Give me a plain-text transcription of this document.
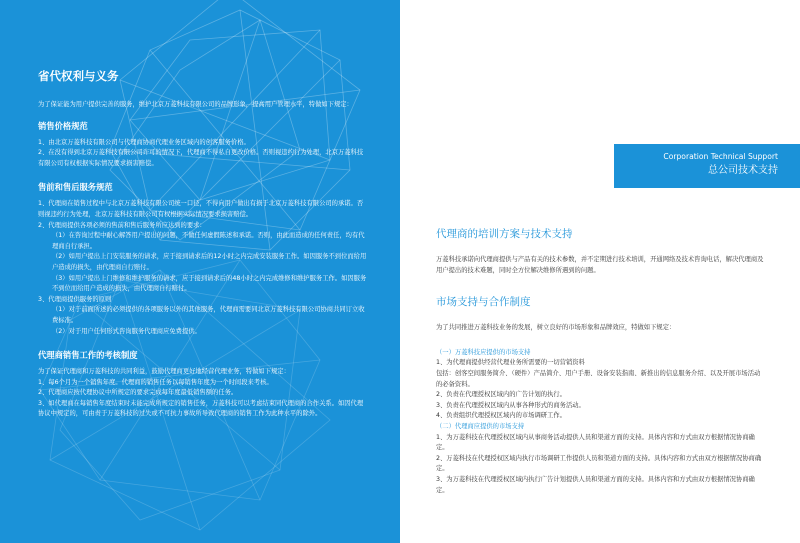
省代权利与义务
为了保证能为用户提供完善的服务，维护北京万菱科技有限公司的品牌形象，提高用户管理水平，特做如下规定：
销售价格规范
1、由北京万菱科技有限公司与代理商协商代理业务区域内的创客服务价格。
2、在没有得到北京万菱科技有限公司许可的情况下，代理商不得私自更改价格。否则视违约行为处理，北京万菱科技有限公司有权根据实际情况要求损害赔偿。
售前和售后服务规范
1、代理商在销售过程中与北京万菱科技有限公司统一口径，不得向用户做出有损于北京万菱科技有限公司的承诺。否则视违约行为处理，北京万菱科技有限公司有权根据实际情况要求损害赔偿。
2、代理商提供各项必须的售前和售后服务所应达到的要求：
（1）在咨询过程中耐心解答用户提出的问题，不做任何虚假陈述和承诺。否则，由此而造成的任何责任，均有代理商自行承担。
（2）如用户提出上门安装服务的请求，应于接到请求后的12小时之内完成安装服务工作。如因服务不到位而给用户造成的损失，由代理商自行赔付。
（3）如用户提出上门维修和维护服务的请求，应于接到请求后的48小时之内完成维修和维护服务工作。如因服务不到位而给用户造成的损失，由代理商自行赔付。
3、代理商提供服务的原则
（1）对于前面所述的必须提供的各项服务以外的其他服务，代理商需要同北京万菱科技有限公司协商共同订立收费标准。
（2）对于用户任何形式咨询服务代理商应免费提供。
代理商销售工作的考核制度
为了保证代理商和万菱科技的共同利益，鼓励代理商更好地经营代理业务，特做如下规定：
1、每6个月为一个销售年度。代理商的销售任务以每销售年度为一个时间段来考核。
2、代理商应按代理协议中所规定的要求完成每年度最低销售额的任务。
3、如代理商在每销售年度结束时未能完成所规定的销售任务，万菱科技可以考虑结束同代理商的合作关系。如因代理协议中规定的，可由责于万菱科技的过失或不可抗力事故所导致代理商的销售工作为此种水平的除外。
Corporation Technical Support
总公司技术支持
代理商的培训方案与技术支持
万菱科技承诺向代理商提供与产品有关的技术参数，并不定期进行技术培训，开通网络及技术咨询电话，解决代理商及用户提出的技术难题，同时全方位解决维修所遇到的问题。
市场支持与合作制度
为了共同推进万菱科技业务的发展，树立良好的市场形象和品牌效应，特做如下规定：
（一）万菱科技应提供的市场支持
1、为代理商提供经营代理业务所需要的一切营销资料
包括：创客空间服务简介、（硬件）产品简介、用户手册、设备安装指南、新推出的信息服务介绍、以及开展市场活动的必备资料。
2、负责在代理授权区域内的广告计划的执行。
3、负责在代理授权区域内从事各种形式的商务活动。
4、负责组织代理授权区域内的市场调研工作。
（二）代理商应提供的市场支持
1、为万菱科技在代理授权区域内从事商务活动提供人员和渠道方面的支持。具体内容和方式由双方根据情况协商确定。
2、万菱科技在代理授权区域内执行市场调研工作提供人员和渠道方面的支持。具体内容和方式由双方根据情况协商确定。
3、为万菱科技在代理授权区域内执行广告计划提供人员和渠道方面的支持。具体内容和方式由双方根据情况协商确定。
